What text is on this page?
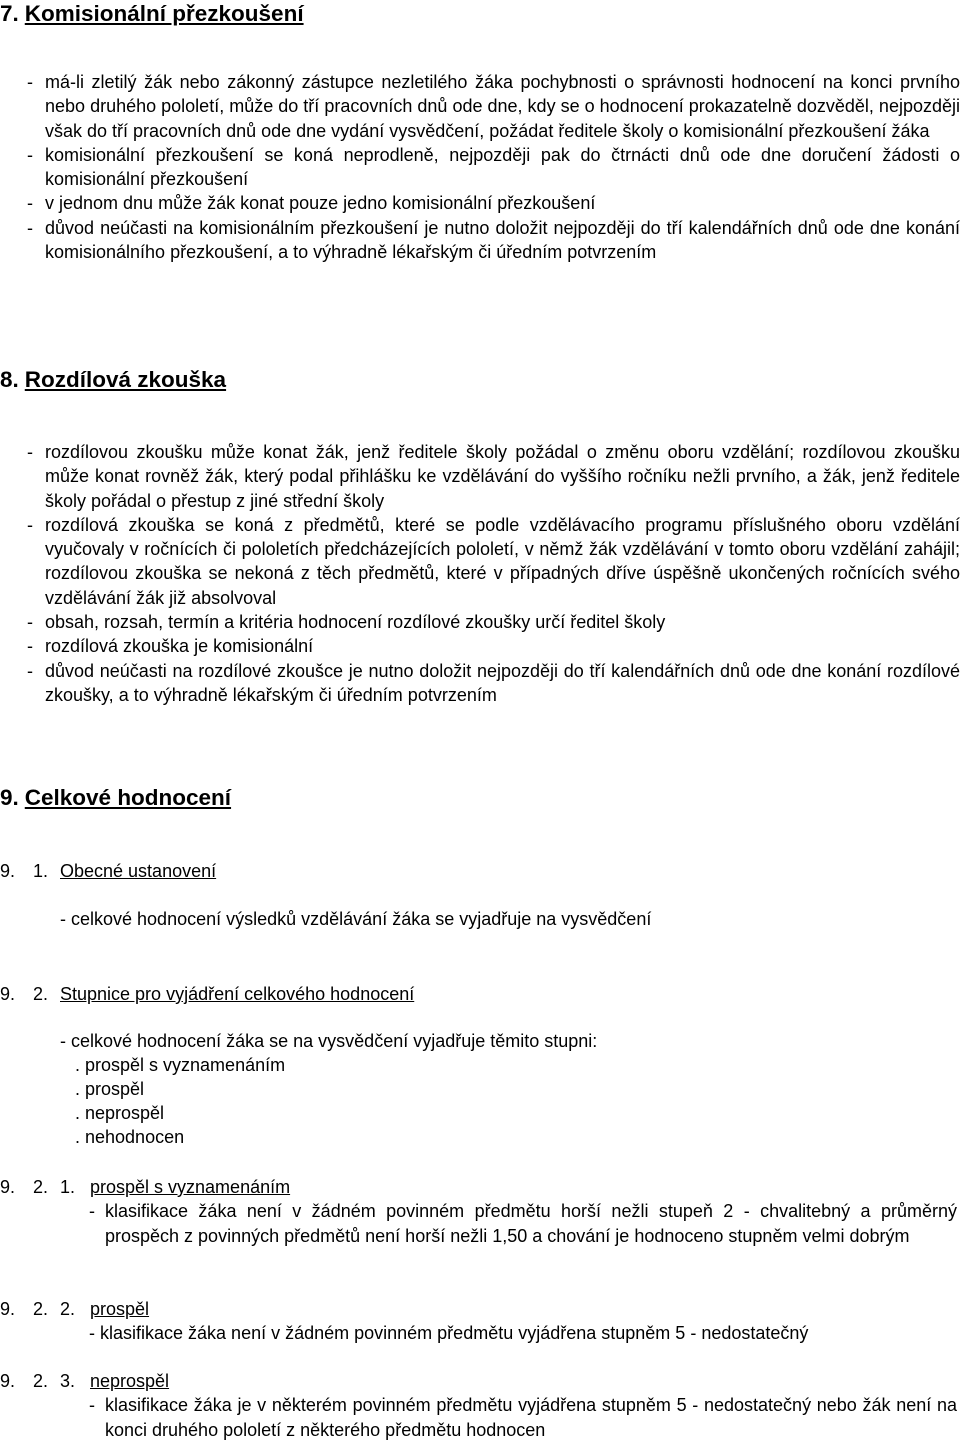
7. Komisionální přezkoušení
- má-li zletilý žák nebo zákonný zástupce nezletilého žáka pochybnosti o správnosti hodnocení na konci prvního nebo druhého pololetí, může do tří pracovních dnů ode dne, kdy se o hodnocení prokazatelně dozvěděl, nejpozději však do tří pracovních dnů ode dne vydání vysvědčení, požádat ředitele školy o komisionální přezkoušení žáka
- komisionální přezkoušení se koná neprodleně, nejpozději pak do čtrnácti dnů ode dne doručení žádosti o komisionální přezkoušení
- v jednom dnu může žák konat pouze jedno komisionální přezkoušení
- důvod neúčasti na komisionálním přezkoušení je nutno doložit nejpozději do tří kalendářních dnů ode dne konání komisionálního přezkoušení, a to výhradně lékařským či úředním potvrzením
8. Rozdílová zkouška
- rozdílovou zkoušku může konat žák, jenž ředitele školy požádal o změnu oboru vzdělání; rozdílovou zkoušku může konat rovněž žák, který podal přihlášku ke vzdělávání do vyššího ročníku nežli prvního, a žák, jenž ředitele školy pořádal o přestup z jiné střední školy
- rozdílová zkouška se koná z předmětů, které se podle vzdělávacího programu příslušného oboru vzdělání vyučovaly v ročnících či pololetích předcházejících pololetí, v němž žák vzdělávání v tomto oboru vzdělání zahájil; rozdílovou zkouška se nekoná z těch předmětů, které v případných dříve úspěšně ukončených ročnících svého vzdělávání žák již absolvoval
- obsah, rozsah, termín a kritéria hodnocení rozdílové zkoušky určí ředitel školy
- rozdílová zkouška je komisionální
- důvod neúčasti na rozdílové zkoušce je nutno doložit nejpozději do tří kalendářních dnů ode dne konání rozdílové zkoušky, a to výhradně lékařským či úředním potvrzením
9. Celkové hodnocení
9. 1. Obecné ustanovení
- celkové hodnocení výsledků vzdělávání žáka se vyjadřuje na vysvědčení
9. 2. Stupnice pro vyjádření celkového hodnocení
- celkové hodnocení žáka se na vysvědčení vyjadřuje těmito stupni:
. prospěl s vyznamenáním
. prospěl
. neprospěl
. nehodnocen
9. 2. 1. prospěl s vyznamenáním
- klasifikace žáka není v žádném povinném předmětu horší nežli stupeň 2 - chvalitebný a průměrný prospěch z povinných předmětů není horší nežli 1,50 a chování je hodnoceno stupněm velmi dobrým
9. 2. 2. prospěl
- klasifikace žáka není v žádném povinném předmětu vyjádřena stupněm 5 - nedostatečný
9. 2. 3. neprospěl
- klasifikace žáka je v některém povinném předmětu vyjádřena stupněm 5 - nedostatečný nebo žák není na konci druhého pololetí z některého předmětu hodnocen
